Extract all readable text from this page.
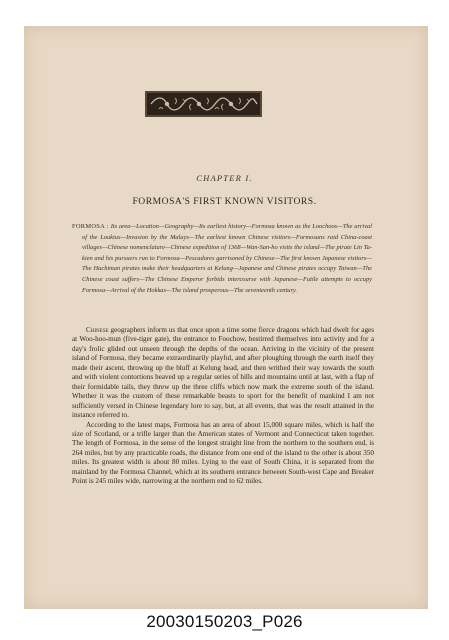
CHAPTER I.
FORMOSA'S FIRST KNOWN VISITORS.

FORMOSA : Its area—Location—Geography—Its earliest history—Formosa known as the Loochoos—The arrival of the Loukius—Invasion by the Malays—The earliest known Chinese visitors—Formosans raid China-coast villages—Chinese nomenclature—Chinese expedition of 1368—Wan-San-ho visits the island—The pirate Lin Ta-kien and his pursuers run to Formosa—Pescadores garrisoned by Chinese—The first known Japanese visitors—The Hachiman pirates make their headquarters at Kelung—Japanese and Chinese pirates occupy Taiwan—The Chinese coast suffers—The Chinese Emperor forbids intercourse with Japanese—Futile attempts to occupy Formosa—Arrival of the Hokkas—The island prosperous—The seventeenth century.

Chinese geographers inform us that once upon a time some fierce dragons which had dwelt for ages at Woo-hoo-mun (five-tiger gate), the entrance to Foochow, bestirred themselves into activity and for a day's frolic glided out unseen through the depths of the ocean. Arriving in the vicinity of the present island of Formosa, they became extraordinarily playful, and after ploughing through the earth itself they made their ascent, throwing up the bluff at Kelung head, and then writhed their way towards the south and with violent contortions heaved up a regular series of hills and mountains until at last, with a flap of their formidable tails, they threw up the three cliffs which now mark the extreme south of the island. Whether it was the custom of these remarkable beasts to sport for the benefit of mankind I am not sufficiently versed in Chinese legendary lore to say, but, at all events, that was the result attained in the instance referred to.

According to the latest maps, Formosa has an area of about 15,000 square miles, which is half the size of Scotland, or a trifle larger than the American states of Vermont and Connecticut taken together. The length of Formosa, in the sense of the longest straight line from the northern to the southern end, is 264 miles, but by any practicable roads, the distance from one end of the island to the other is about 350 miles. Its greatest width is about 80 miles. Lying to the east of South China, it is separated from the mainland by the Formosa Channel, which at its southern entrance between South-west Cape and Breaker Point is 245 miles wide, narrowing at the northern end to 62 miles.

20030150203_P026
